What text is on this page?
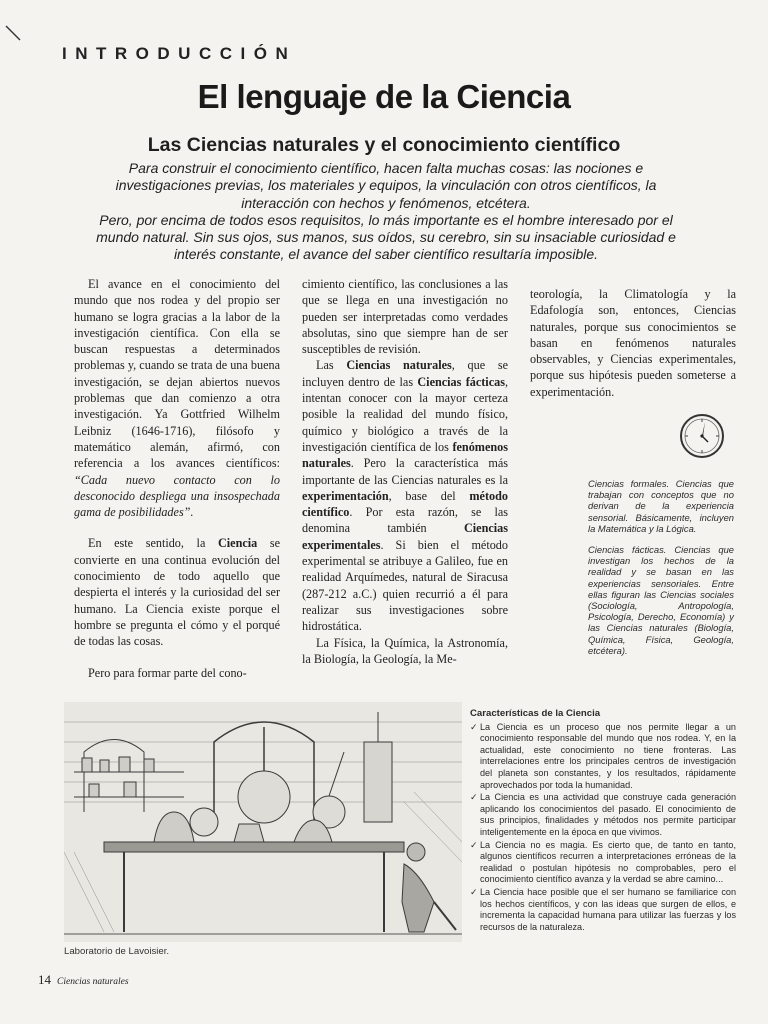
INTRODUCCIÓN
El lenguaje de la Ciencia
Las Ciencias naturales y el conocimiento científico

Para construir el conocimiento científico, hacen falta muchas cosas: las nociones e investigaciones previas, los materiales y equipos, la vinculación con otros científicos, la interacción con hechos y fenómenos, etcétera.

Pero, por encima de todos esos requisitos, lo más importante es el hombre interesado por el mundo natural. Sin sus ojos, sus manos, sus oídos, su cerebro, sin su insaciable curiosidad e interés constante, el avance del saber científico resultaría imposible.

El avance en el conocimiento del mundo que nos rodea y del propio ser humano se logra gracias a la labor de la investigación científica. Con ella se buscan respuestas a determinados problemas y, cuando se trata de una buena investigación, se dejan abiertos nuevos problemas que dan comienzo a otra investigación. Ya Gottfried Wilhelm Leibniz (1646-1716), filósofo y matemático alemán, afirmó, con referencia a los avances científicos: “Cada nuevo contacto con lo desconocido despliega una insospechada gama de posibilidades”.

En este sentido, la Ciencia se convierte en una continua evolución del conocimiento de todo aquello que despierta el interés y la curiosidad del ser humano. La Ciencia existe porque el hombre se pregunta el cómo y el porqué de todas las cosas.

Pero para formar parte del cono-

cimiento científico, las conclusiones a las que se llega en una investigación no pueden ser interpretadas como verdades absolutas, sino que siempre han de ser susceptibles de revisión.

Las Ciencias naturales, que se incluyen dentro de las Ciencias fácticas, intentan conocer con la mayor certeza posible la realidad del mundo físico, químico y biológico a través de la investigación científica de los fenómenos naturales. Pero la característica más importante de las Ciencias naturales es la experimentación, base del método científico. Por esta razón, se las denomina también Ciencias experimentales. Si bien el método experimental se atribuye a Galileo, fue en realidad Arquímedes, natural de Siracusa (287-212 a.C.) quien recurrió a él para realizar sus investigaciones sobre hidrostática.

La Física, la Química, la Astronomía, la Biología, la Geología, la Me-

teorología, la Climatología y la Edafología son, entonces, Ciencias naturales, porque sus conocimientos se basan en fenómenos naturales observables, y Ciencias experimentales, porque sus hipótesis pueden someterse a experimentación.

Ciencias formales. Ciencias que trabajan con conceptos que no derivan de la experiencia sensorial. Básicamente, incluyen la Matemática y la Lógica.

Ciencias fácticas. Ciencias que investigan los hechos de la realidad y se basan en las experiencias sensoriales. Entre ellas figuran las Ciencias sociales (Sociología, Antropología, Psicología, Derecho, Economía) y las Ciencias naturales (Biología, Química, Física, Geología, etcétera).

Laboratorio de Lavoisier.
Características de la Ciencia
✓ La Ciencia es un proceso que nos permite llegar a un conocimiento responsable del mundo que nos rodea. Y, en la actualidad, este conocimiento no tiene fronteras. Las interrelaciones entre los principales centros de investigación del planeta son constantes, y los resultados, rápidamente aprovechados por toda la humanidad.
✓ La Ciencia es una actividad que construye cada generación aplicando los conocimientos del pasado. El conocimiento de sus principios, finalidades y métodos nos permite participar inteligentemente en la época en que vivimos.
✓ La Ciencia no es magia. Es cierto que, de tanto en tanto, algunos científicos recurren a interpretaciones erróneas de la realidad o postulan hipótesis no comprobables, pero el conocimiento científico avanza y la verdad se abre camino...
✓ La Ciencia hace posible que el ser humano se familiarice con los hechos científicos, y con las ideas que surgen de ellos, e incrementa la capacidad humana para utilizar las fuerzas y los recursos de la naturaleza.
14 Ciencias naturales
